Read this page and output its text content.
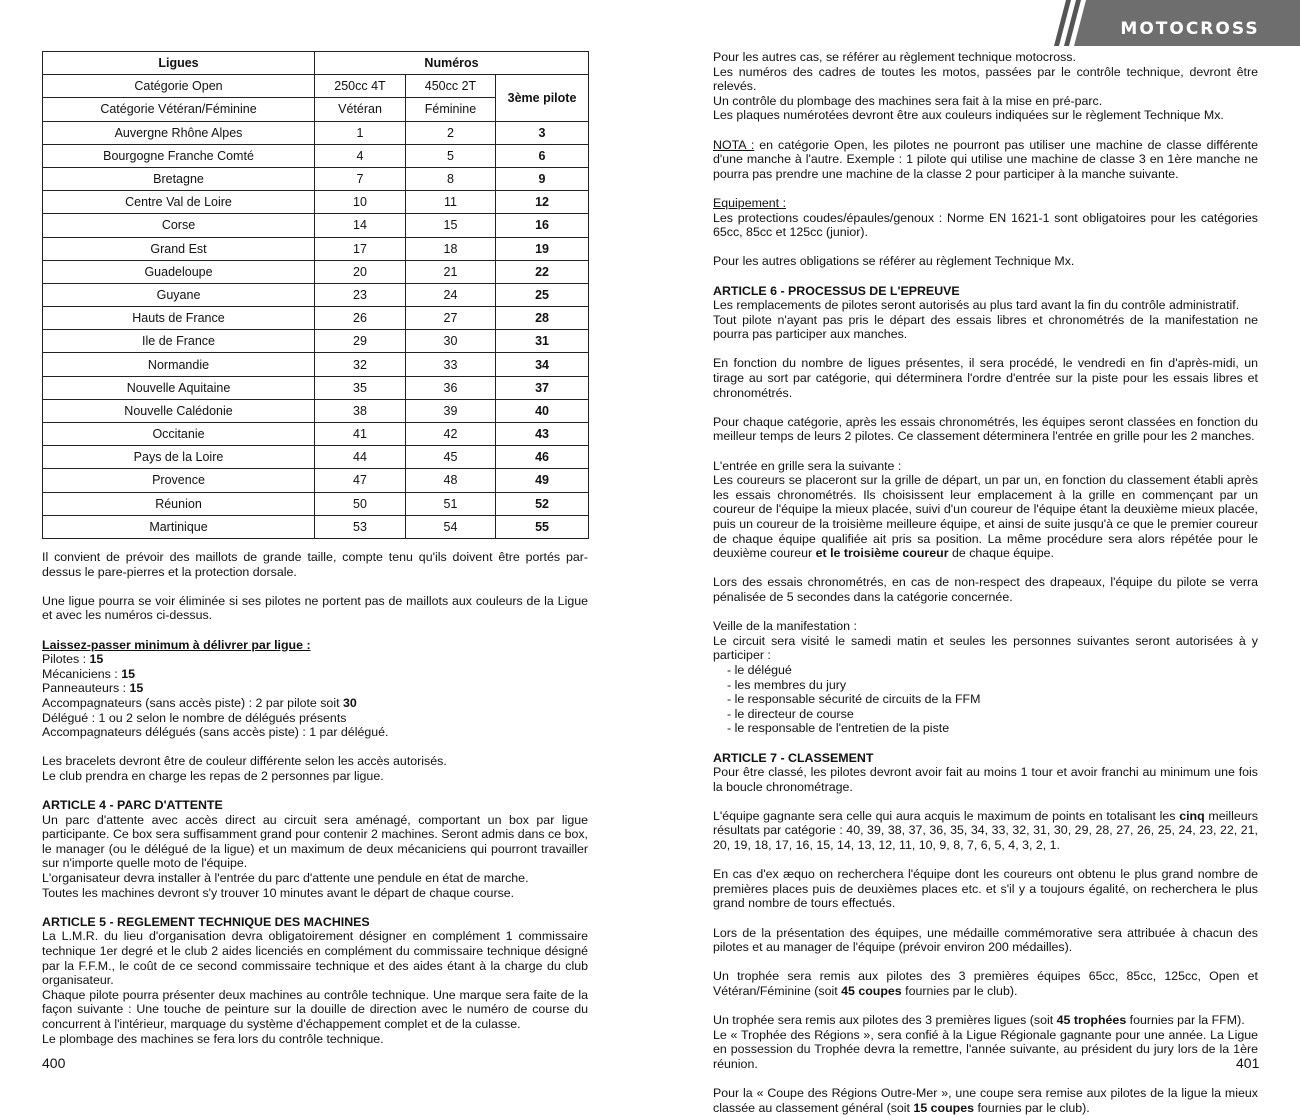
Ligues	Numéros		
Catégorie Open	250cc 4T	450cc 2T	3ème pilote
Catégorie Vétéran/Féminine	Vétéran	Féminine	
Auvergne Rhône Alpes	1	2	3
Bourgogne Franche Comté	4	5	6
Bretagne	7	8	9
Centre Val de Loire	10	11	12
Corse	14	15	16
Grand Est	17	18	19
Guadeloupe	20	21	22
Guyane	23	24	25
Hauts de France	26	27	28
Ile de France	29	30	31
Normandie	32	33	34
Nouvelle Aquitaine	35	36	37
Nouvelle Calédonie	38	39	40
Occitanie	41	42	43
Pays de la Loire	44	45	46
Provence	47	48	49
Réunion	50	51	52
Martinique	53	54	55

Il convient de prévoir des maillots de grande taille, compte tenu qu'ils doivent être portés par-dessus le pare-pierres et la protection dorsale.

Une ligue pourra se voir éliminée si ses pilotes ne portent pas de maillots aux couleurs de la Ligue et avec les numéros ci-dessus.

Laissez-passer minimum à délivrer par ligue :

Pilotes : 15

Mécaniciens : 15

Panneauteurs : 15

Accompagnateurs (sans accès piste) : 2 par pilote soit 30

Délégué : 1 ou 2 selon le nombre de délégués présents

Accompagnateurs délégués (sans accès piste) : 1 par délégué.

Les bracelets devront être de couleur différente selon les accès autorisés.

Le club prendra en charge les repas de 2 personnes par ligue.

ARTICLE 4 - PARC D'ATTENTE

Un parc d'attente avec accès direct au circuit sera aménagé, comportant un box par ligue participante. Ce box sera suffisamment grand pour contenir 2 machines. Seront admis dans ce box, le manager (ou le délégué de la ligue) et un maximum de deux mécaniciens qui pourront travailler sur n'importe quelle moto de l'équipe.

L'organisateur devra installer à l'entrée du parc d'attente une pendule en état de marche.

Toutes les machines devront s'y trouver 10 minutes avant le départ de chaque course.

ARTICLE 5 - REGLEMENT TECHNIQUE DES MACHINES

La L.M.R. du lieu d'organisation devra obligatoirement désigner en complément 1 commissaire technique 1er degré et le club 2 aides licenciés en complément du commissaire technique désigné par la F.F.M., le coût de ce second commissaire technique et des aides étant à la charge du club organisateur.

Chaque pilote pourra présenter deux machines au contrôle technique. Une marque sera faite de la façon suivante : Une touche de peinture sur la douille de direction avec le numéro de course du concurrent à l'intérieur, marquage du système d'échappement complet et de la culasse.

Le plombage des machines se fera lors du contrôle technique.

400
MOTOCROSS

Pour les autres cas, se référer au règlement technique motocross.

Les numéros des cadres de toutes les motos, passées par le contrôle technique, devront être relevés.

Un contrôle du plombage des machines sera fait à la mise en pré-parc.

Les plaques numérotées devront être aux couleurs indiquées sur le règlement Technique Mx.

NOTA : en catégorie Open, les pilotes ne pourront pas utiliser une machine de classe différente d'une manche à l'autre. Exemple : 1 pilote qui utilise une machine de classe 3 en 1ère manche ne pourra pas prendre une machine de la classe 2 pour participer à la manche suivante.

Equipement :

Les protections coudes/épaules/genoux : Norme EN 1621-1 sont obligatoires pour les catégories 65cc, 85cc et 125cc (junior).

Pour les autres obligations se référer au règlement Technique Mx.

ARTICLE 6 - PROCESSUS DE L'EPREUVE

Les remplacements de pilotes seront autorisés au plus tard avant la fin du contrôle administratif.

Tout pilote n'ayant pas pris le départ des essais libres et chronométrés de la manifestation ne pourra pas participer aux manches.

En fonction du nombre de ligues présentes, il sera procédé, le vendredi en fin d'après-midi, un tirage au sort par catégorie, qui déterminera l'ordre d'entrée sur la piste pour les essais libres et chronométrés.

Pour chaque catégorie, après les essais chronométrés, les équipes seront classées en fonction du meilleur temps de leurs 2 pilotes. Ce classement déterminera l'entrée en grille pour les 2 manches.

L'entrée en grille sera la suivante :

Les coureurs se placeront sur la grille de départ, un par un, en fonction du classement établi après les essais chronométrés. Ils choisissent leur emplacement à la grille en commençant par un coureur de l'équipe la mieux placée, suivi d'un coureur de l'équipe étant la deuxième mieux placée, puis un coureur de la troisième meilleure équipe, et ainsi de suite jusqu'à ce que le premier coureur de chaque équipe qualifiée ait pris sa position. La même procédure sera alors répétée pour le deuxième coureur et le troisième coureur de chaque équipe.

Lors des essais chronométrés, en cas de non-respect des drapeaux, l'équipe du pilote se verra pénalisée de 5 secondes dans la catégorie concernée.

Veille de la manifestation :

Le circuit sera visité le samedi matin et seules les personnes suivantes seront autorisées à y participer :

- le délégué

- les membres du jury

- le responsable sécurité de circuits de la FFM

- le directeur de course

- le responsable de l'entretien de la piste

ARTICLE 7 - CLASSEMENT

Pour être classé, les pilotes devront avoir fait au moins 1 tour et avoir franchi au minimum une fois la boucle chronométrage.

L'équipe gagnante sera celle qui aura acquis le maximum de points en totalisant les cinq meilleurs résultats par catégorie : 40, 39, 38, 37, 36, 35, 34, 33, 32, 31, 30, 29, 28, 27, 26, 25, 24, 23, 22, 21, 20, 19, 18, 17, 16, 15, 14, 13, 12, 11, 10, 9, 8, 7, 6, 5, 4, 3, 2, 1.

En cas d'ex æquo on recherchera l'équipe dont les coureurs ont obtenu le plus grand nombre de premières places puis de deuxièmes places etc. et s'il y a toujours égalité, on recherchera le plus grand nombre de tours effectués.

Lors de la présentation des équipes, une médaille commémorative sera attribuée à chacun des pilotes et au manager de l'équipe (prévoir environ 200 médailles).

Un trophée sera remis aux pilotes des 3 premières équipes 65cc, 85cc, 125cc, Open et Vétéran/Féminine (soit 45 coupes fournies par le club).

Un trophée sera remis aux pilotes des 3 premières ligues (soit 45 trophées fournies par la FFM).

Le « Trophée des Régions », sera confié à la Ligue Régionale gagnante pour une année. La Ligue en possession du Trophée devra la remettre, l'année suivante, au président du jury lors de la 1ère réunion.

Pour la « Coupe des Régions Outre-Mer », une coupe sera remise aux pilotes de la ligue la mieux classée au classement général (soit 15 coupes fournies par le club).

401
